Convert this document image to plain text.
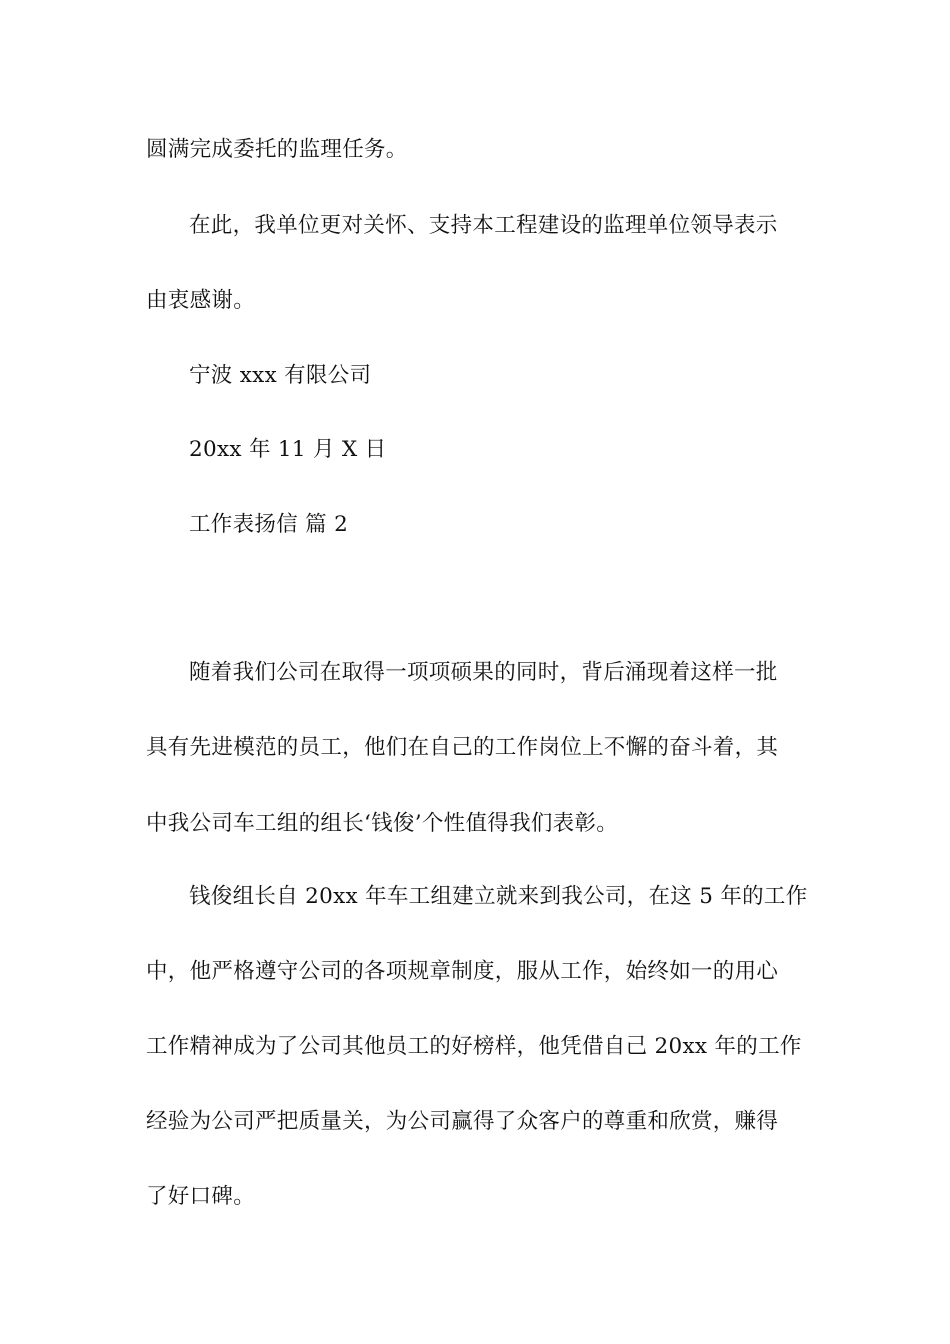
圆满完成委托的监理任务。
在此，我单位更对关怀、支持本工程建设的监理单位领导表示
由衷感谢。
宁波 xxx 有限公司
20xx 年 11 月 X 日
工作表扬信 篇 2
随着我们公司在取得一项项硕果的同时，背后涌现着这样一批
具有先进模范的员工，他们在自己的工作岗位上不懈的奋斗着，其
中我公司车工组的组长‘钱俊’个性值得我们表彰。
钱俊组长自 20xx 年车工组建立就来到我公司，在这 5 年的工作
中，他严格遵守公司的各项规章制度，服从工作，始终如一的用心
工作精神成为了公司其他员工的好榜样，他凭借自己 20xx 年的工作
经验为公司严把质量关，为公司赢得了众客户的尊重和欣赏，赚得
了好口碑。
